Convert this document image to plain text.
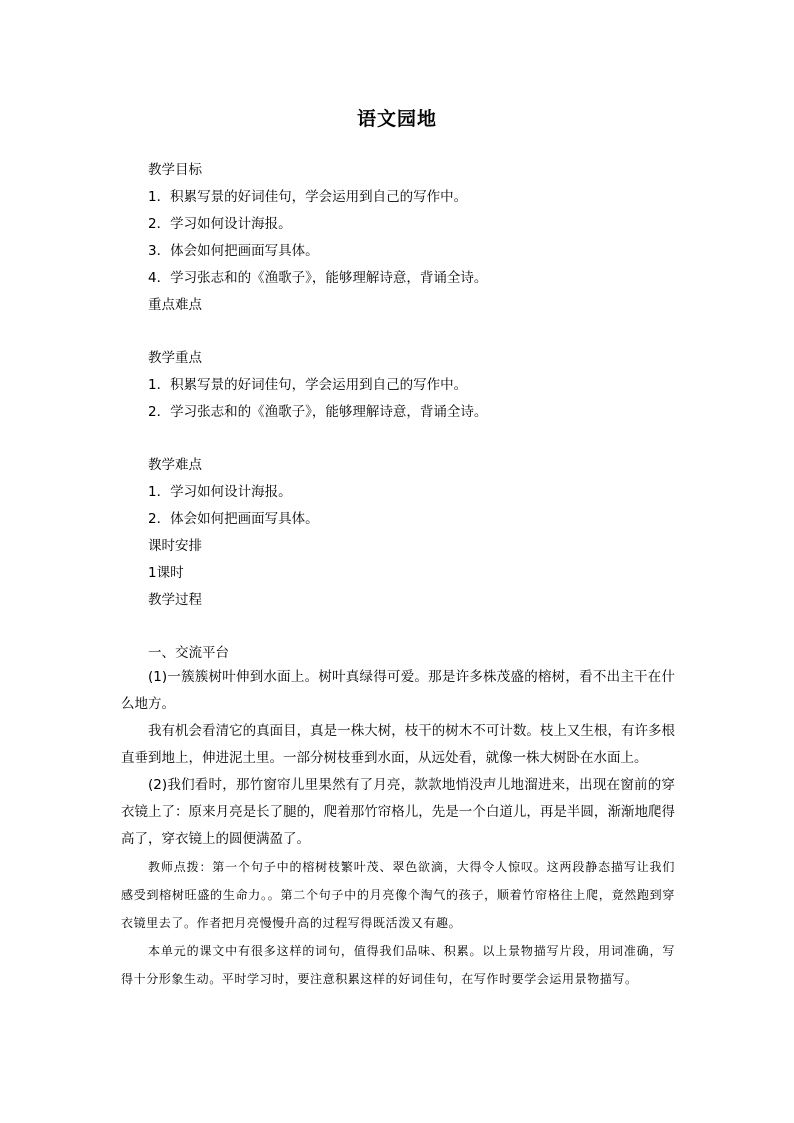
语文园地
教学目标
1．积累写景的好词佳句，学会运用到自己的写作中。
2．学习如何设计海报。
3．体会如何把画面写具体。
4．学习张志和的《渔歌子》，能够理解诗意，背诵全诗。
重点难点
教学重点
1．积累写景的好词佳句，学会运用到自己的写作中。
2．学习张志和的《渔歌子》，能够理解诗意，背诵全诗。
教学难点
1．学习如何设计海报。
2．体会如何把画面写具体。
课时安排
1课时
教学过程
一、交流平台
(1)一簇簇树叶伸到水面上。树叶真绿得可爱。那是许多株茂盛的榕树，看不出主干在什么地方。
我有机会看清它的真面目，真是一株大树，枝干的树木不可计数。枝上又生根，有许多根直垂到地上，伸进泥土里。一部分树枝垂到水面，从远处看，就像一株大树卧在水面上。
(2)我们看时，那竹窗帘儿里果然有了月亮，款款地悄没声儿地溜进来，出现在窗前的穿衣镜上了：原来月亮是长了腿的，爬着那竹帘格儿，先是一个白道儿，再是半圆，渐渐地爬得高了，穿衣镜上的圆便满盈了。
教师点拨：第一个句子中的榕树枝繁叶茂、翠色欲滴，大得令人惊叹。这两段静态描写让我们感受到榕树旺盛的生命力。。第二个句子中的月亮像个淘气的孩子，顺着竹帘格往上爬，竟然跑到穿衣镜里去了。作者把月亮慢慢升高的过程写得既活泼又有趣。
本单元的课文中有很多这样的词句，值得我们品味、积累。以上景物描写片段，用词准确，写得十分形象生动。平时学习时，要注意积累这样的好词佳句，在写作时要学会运用景物描写。
